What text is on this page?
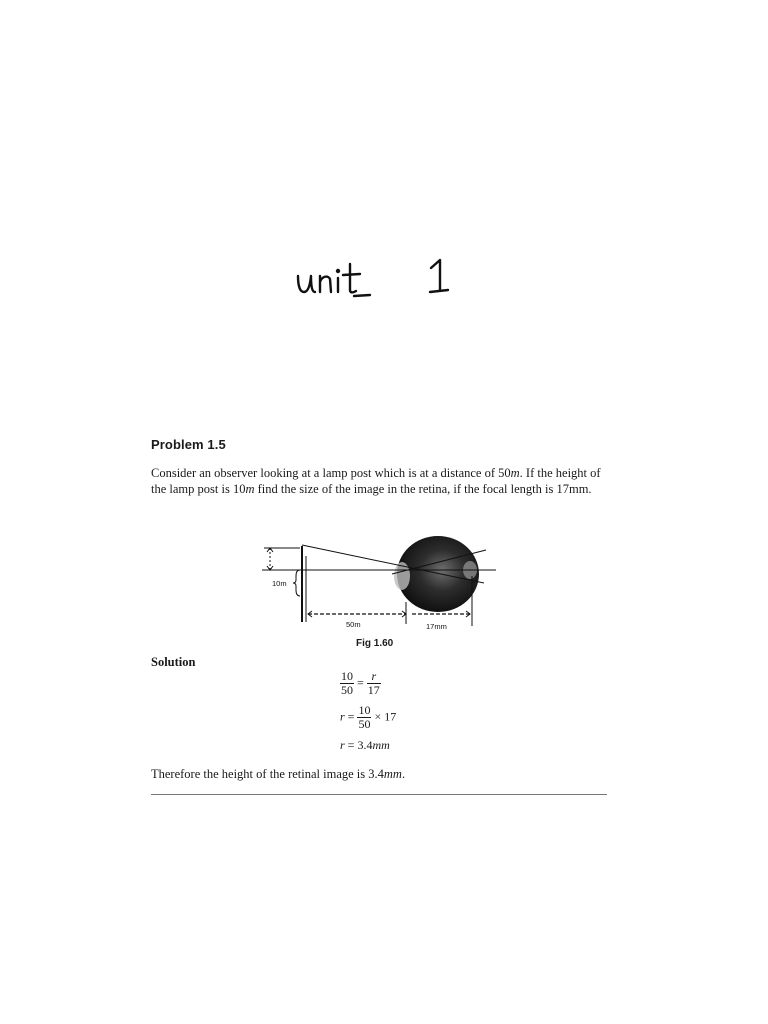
Problem 1.5
Consider an observer looking at a lamp post which is at a distance of 50m. If the height of the lamp post is 10m find the size of the image in the retina, if the focal length is 17mm.
10m
50m	17mm
Fig 1.60
Solution
$\frac{10}{50} = \frac{r}{17}$
$r = \frac{10}{50} \times 17$
r = 3.4mm
Therefore the height of the retinal image is 3.4mm.
